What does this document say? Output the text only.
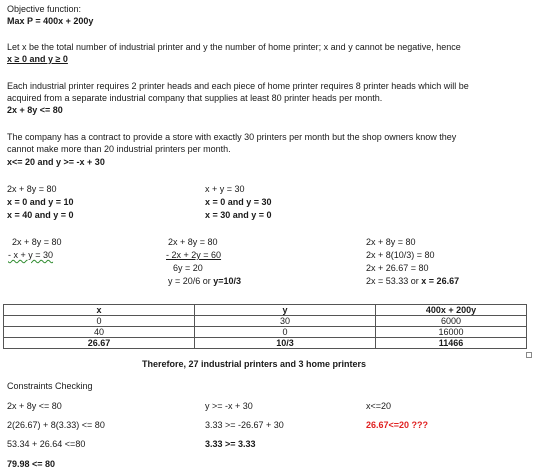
Objective function:
Max P = 400x + 200y
Let x be the total number of industrial printer and y the number of home printer; x and y cannot be negative, hence
x ≥ 0 and y ≥ 0
Each industrial printer requires 2 printer heads and each piece of home printer requires 8 printer heads which will be
acquired from a separate industrial company that supplies at least 80 printer heads per month.
2x + 8y <= 80
The company has a contract to provide a store with exactly 30 printers per month but the shop owners know they
cannot make more than 20 industrial printers per month.
x<= 20 and y >= -x + 30
2x + 8y = 80
x = 0 and y = 10
x = 40 and y = 0
x + y = 30
x = 0 and y = 30
x = 30 and y = 0
2x + 8y = 80
- x + y = 30
2x + 8y = 80
- 2x + 2y = 60
6y = 20
y = 20/6 or y=10/3
2x + 8y = 80
2x + 8(10/3) = 80
2x + 26.67 = 80
2x = 53.33 or x = 26.67
x	y	400x + 200y
0	30	6000
40	0	16000
26.67	10/3	11466
Therefore, 27 industrial printers and 3 home printers
Constraints Checking
2x + 8y <= 80
2(26.67) + 8(3.33) <= 80
53.34 + 26.64 <=80
79.98 <= 80
y >= -x + 30
3.33 >= -26.67 + 30
3.33 >= 3.33
x<=20
26.67<=20 ???
